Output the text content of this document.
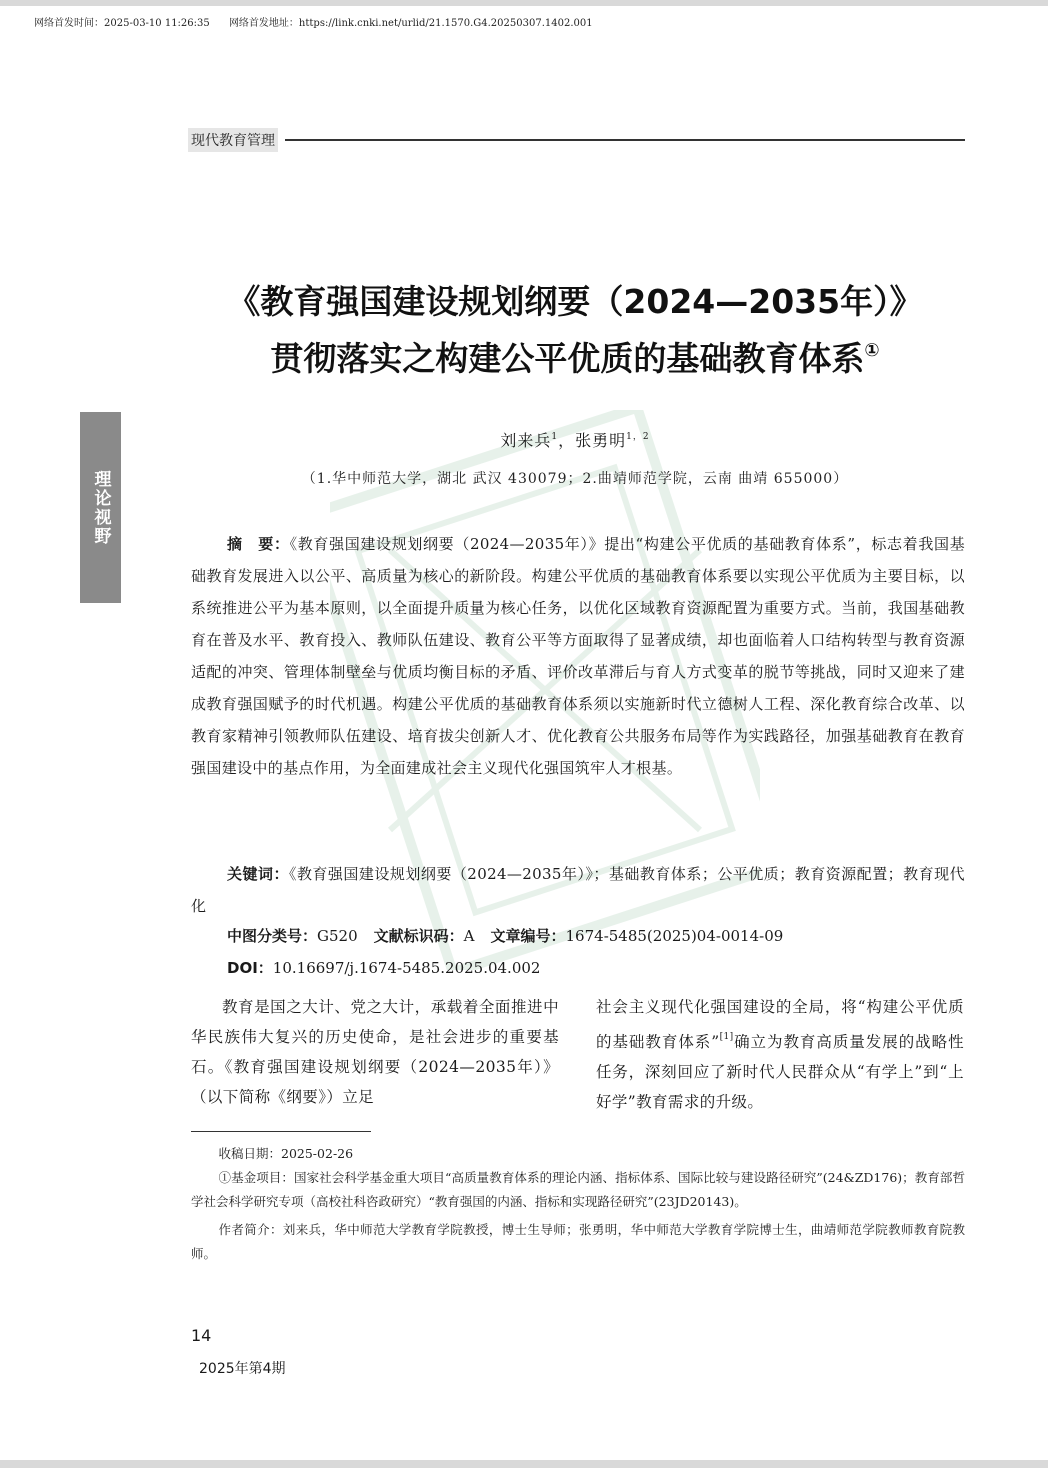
网络首发时间：2025-03-10 11:26:35 网络首发地址：https://link.cnki.net/urlid/21.1570.G4.20250307.1402.001
现代教育管理
理论视野
《教育强国建设规划纲要（2024—2035年）》
贯彻落实之构建公平优质的基础教育体系①
刘来兵$^1$，张勇明$^{1,2}$
（1.华中师范大学，湖北 武汉 430079；2.曲靖师范学院，云南 曲靖 655000）
摘　要：《教育强国建设规划纲要（2024—2035年）》提出“构建公平优质的基础教育体系”，标志着我国基础教育发展进入以公平、高质量为核心的新阶段。构建公平优质的基础教育体系要以实现公平优质为主要目标，以系统推进公平为基本原则，以全面提升质量为核心任务，以优化区域教育资源配置为重要方式。当前，我国基础教育在普及水平、教育投入、教师队伍建设、教育公平等方面取得了显著成绩，却也面临着人口结构转型与教育资源适配的冲突、管理体制壁垒与优质均衡目标的矛盾、评价改革滞后与育人方式变革的脱节等挑战，同时又迎来了建成教育强国赋予的时代机遇。构建公平优质的基础教育体系须以实施新时代立德树人工程、深化教育综合改革、以教育家精神引领教师队伍建设、培育拔尖创新人才、优化教育公共服务布局等作为实践路径，加强基础教育在教育强国建设中的基点作用，为全面建成社会主义现代化强国筑牢人才根基。
关键词：《教育强国建设规划纲要（2024—2035年）》；基础教育体系；公平优质；教育资源配置；教育现代化
中图分类号：G520 文献标识码：A 文章编号：1674-5485(2025)04-0014-09
DOI：10.16697/j.1674-5485.2025.04.002
教育是国之大计、党之大计，承载着全面推进中华民族伟大复兴的历史使命，是社会进步的重要基石。《教育强国建设规划纲要（2024—2035年）》（以下简称《纲要》）立足
社会主义现代化强国建设的全局，将“构建公平优质的基础教育体系”[1]确立为教育高质量发展的战略性任务，深刻回应了新时代人民群众从“有学上”到“上好学”教育需求的升级。

收稿日期：2025-02-26

①基金项目：国家社会科学基金重大项目“高质量教育体系的理论内涵、指标体系、国际比较与建设路径研究”(24&ZD176)；教育部哲学社会科学研究专项（高校社科咨政研究）“教育强国的内涵、指标和实现路径研究”(23JD20143)。

作者简介：刘来兵，华中师范大学教育学院教授，博士生导师；张勇明，华中师范大学教育学院博士生，曲靖师范学院教师教育院教师。

14
2025年第4期
